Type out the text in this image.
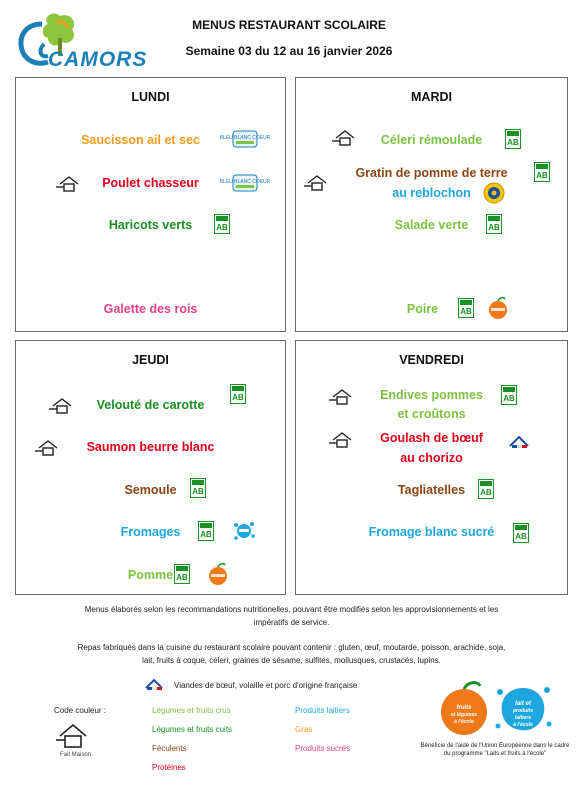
CAMORS
MENUS RESTAURANT SCOLAIRE
Semaine 03 du 12 au 16 janvier 2026
LUNDI
Saucisson ail et sec
Poulet chasseur
Haricots verts
Galette des rois
BLEU BLANC COEUR
BLEU BLANC COEUR
AB
MARDI
Céleri rémoulade
Gratin de pomme de terre
au reblochon
Salade verte
Poire
AB
AB
AB
AB
JEUDI
Velouté de carotte
Saumon beurre blanc
Semoule
Fromages
Pomme
AB
AB
AB
AB
VENDREDI
Endives pommes
et croûtons
Goulash de bœuf
au chorizo
Tagliatelles
Fromage blanc sucré
AB
AB
AB
Menus élaborés selon les recommandations nutritionelles, pouvant être modifiés selon les approvisionnements et les
impératifs de service.
Repas fabriqués dans la cuisine du restaurant scolaire pouvant contenir : gluten, œuf, moutarde, poisson, arachide, soja,
lait, fruits à coque, céleri, graines de sésame, sulfites, mollusques, crustacés, lupins.
Viandes de bœuf, volaille et porc d'origine française
Code couleur :
Fait Maison
Légumes et fruits crus
Légumes et fruits cuits
Féculents
Protéines
Produits laitiers
Gras
Produits sucrés
fruits
et légumes
à l'école
lait et
produits
laitiers
à l'école
Bénéficie de l'aide de l'Union Européenne dans le cadre du programme "Laits et fruits à l'école"
